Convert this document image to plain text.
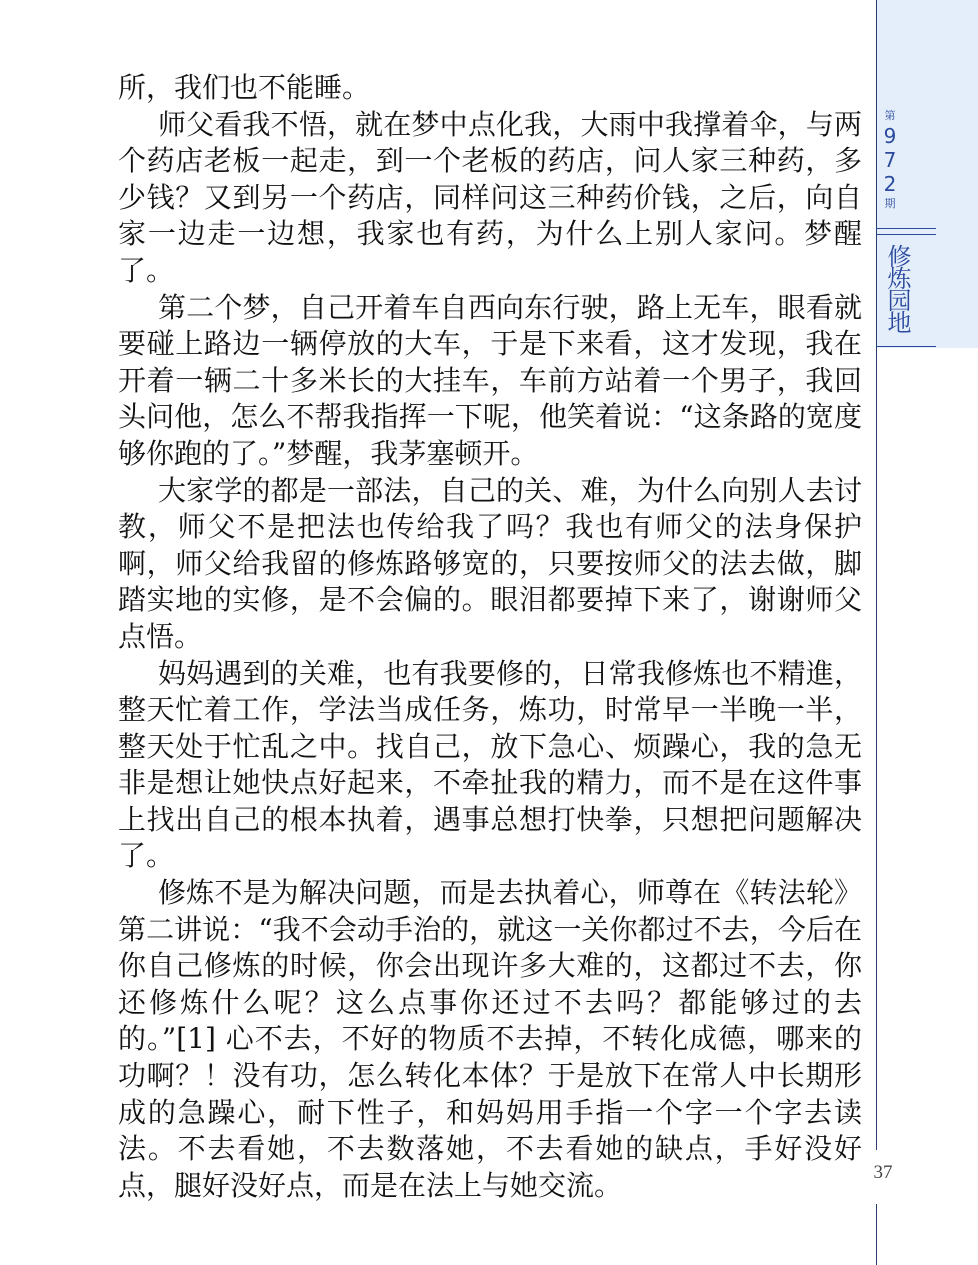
第
9
7
2
期
修炼园地

所，我们也不能睡。

师父看我不悟，就在梦中点化我，大雨中我撑着伞，与两个药店老板一起走，到一个老板的药店，问人家三种药，多少钱？又到另一个药店，同样问这三种药价钱，之后，向自家一边走一边想，我家也有药，为什么上别人家问。梦醒了。

第二个梦，自己开着车自西向东行驶，路上无车，眼看就要碰上路边一辆停放的大车，于是下来看，这才发现，我在开着一辆二十多米长的大挂车，车前方站着一个男子，我回头问他，怎么不帮我指挥一下呢，他笑着说：“这条路的宽度够你跑的了。”梦醒，我茅塞顿开。

大家学的都是一部法，自己的关、难，为什么向别人去讨教，师父不是把法也传给我了吗？我也有师父的法身保护啊，师父给我留的修炼路够宽的，只要按师父的法去做，脚踏实地的实修，是不会偏的。眼泪都要掉下来了，谢谢师父点悟。

妈妈遇到的关难，也有我要修的，日常我修炼也不精進，整天忙着工作，学法当成任务，炼功，时常早一半晚一半，整天处于忙乱之中。找自己，放下急心、烦躁心，我的急无非是想让她快点好起来，不牵扯我的精力，而不是在这件事上找出自己的根本执着，遇事总想打快拳，只想把问题解决了。

修炼不是为解决问题，而是去执着心，师尊在《转法轮》第二讲说：“我不会动手治的，就这一关你都过不去，今后在你自己修炼的时候，你会出现许多大难的，这都过不去，你还修炼什么呢？这么点事你还过不去吗？都能够过的去的。”[1] 心不去，不好的物质不去掉，不转化成德，哪来的功啊？！没有功，怎么转化本体？于是放下在常人中长期形成的急躁心，耐下性子，和妈妈用手指一个字一个字去读法。不去看她，不去数落她，不去看她的缺点，手好没好点，腿好没好点，而是在法上与她交流。	37
